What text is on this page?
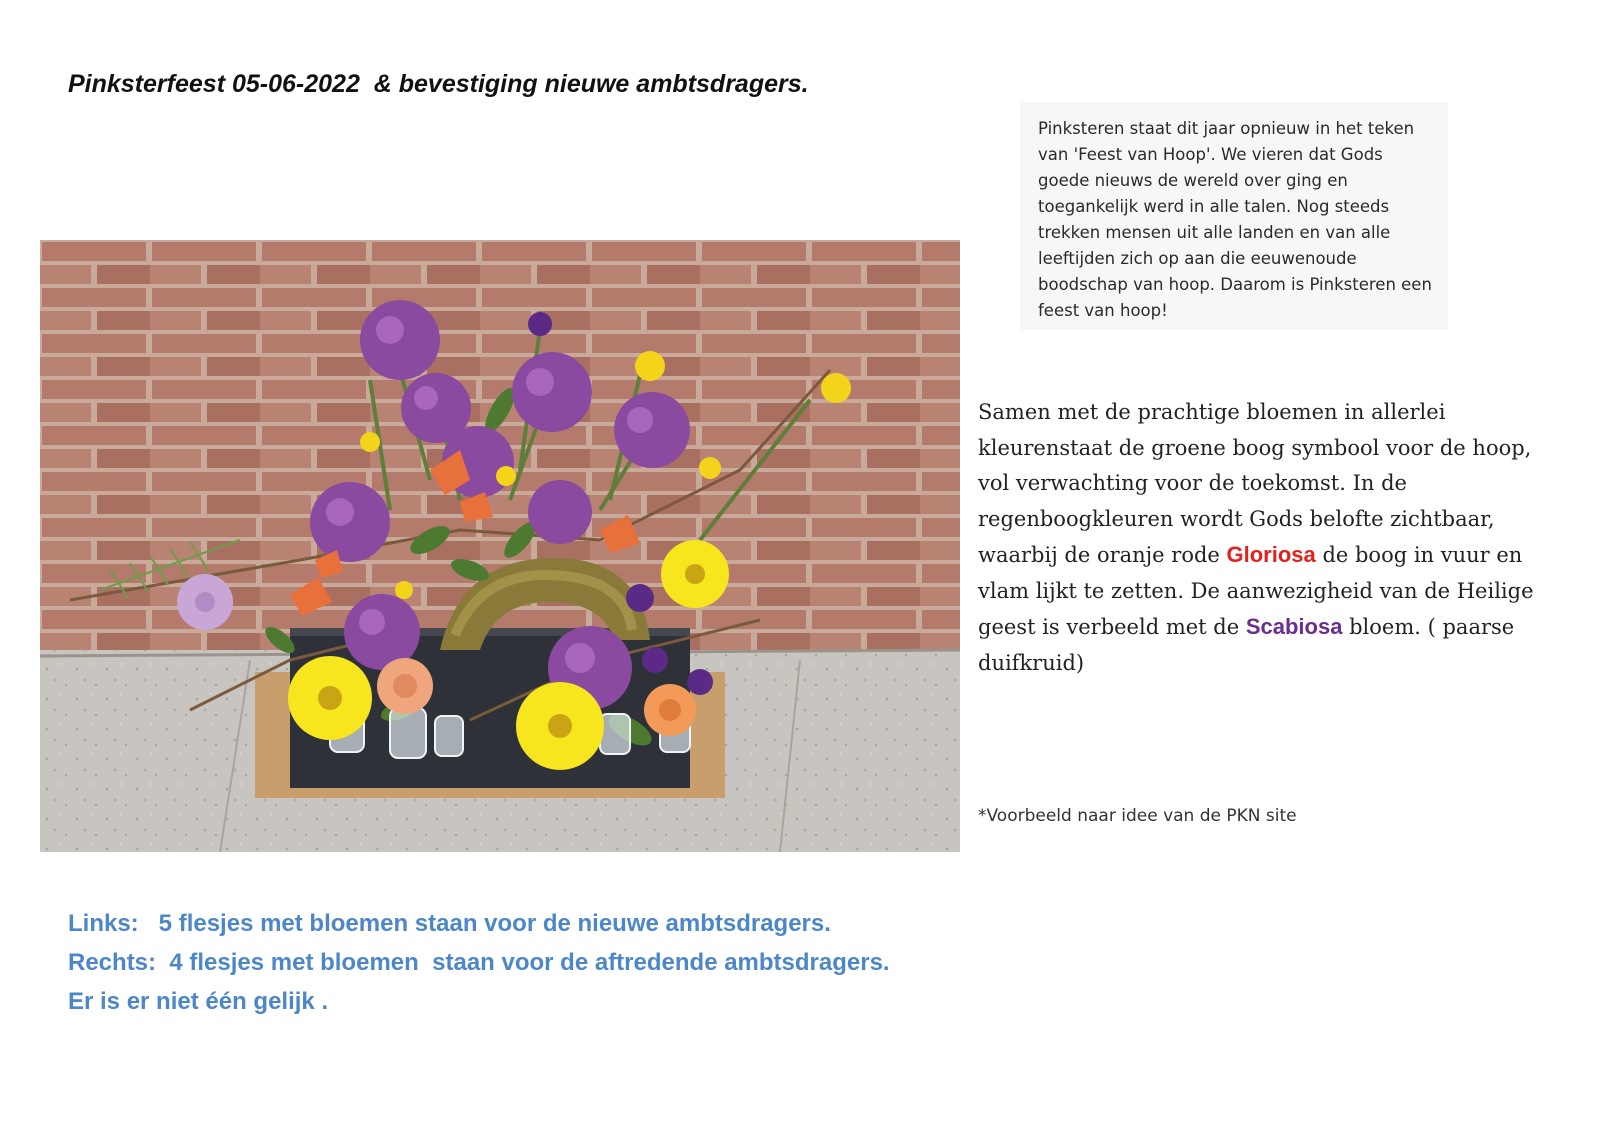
Pinksterfeest 05-06-2022  & bevestiging nieuwe ambtsdragers.

Pinksteren staat dit jaar opnieuw in het teken van 'Feest van Hoop'. We vieren dat Gods goede nieuws de wereld over ging en toegankelijk werd in alle talen. Nog steeds trekken mensen uit alle landen en van alle leeftijden zich op aan die eeuwenoude boodschap van hoop. Daarom is Pinksteren een feest van hoop!

Samen met de prachtige bloemen in allerlei kleurenstaat de groene boog symbool voor de hoop, vol verwachting voor de toekomst. In de regenboogkleuren wordt Gods belofte zichtbaar, waarbij de oranje rode Gloriosa de boog in vuur en vlam lijkt te zetten. De aanwezigheid van de Heilige geest is verbeeld met de Scabiosa bloem. ( paarse duifkruid)

*Voorbeeld naar idee van de PKN site

Links:   5 flesjes met bloemen staan voor de nieuwe ambtsdragers.
Rechts:  4 flesjes met bloemen  staan voor de aftredende ambtsdragers.
Er is er niet één gelijk .
